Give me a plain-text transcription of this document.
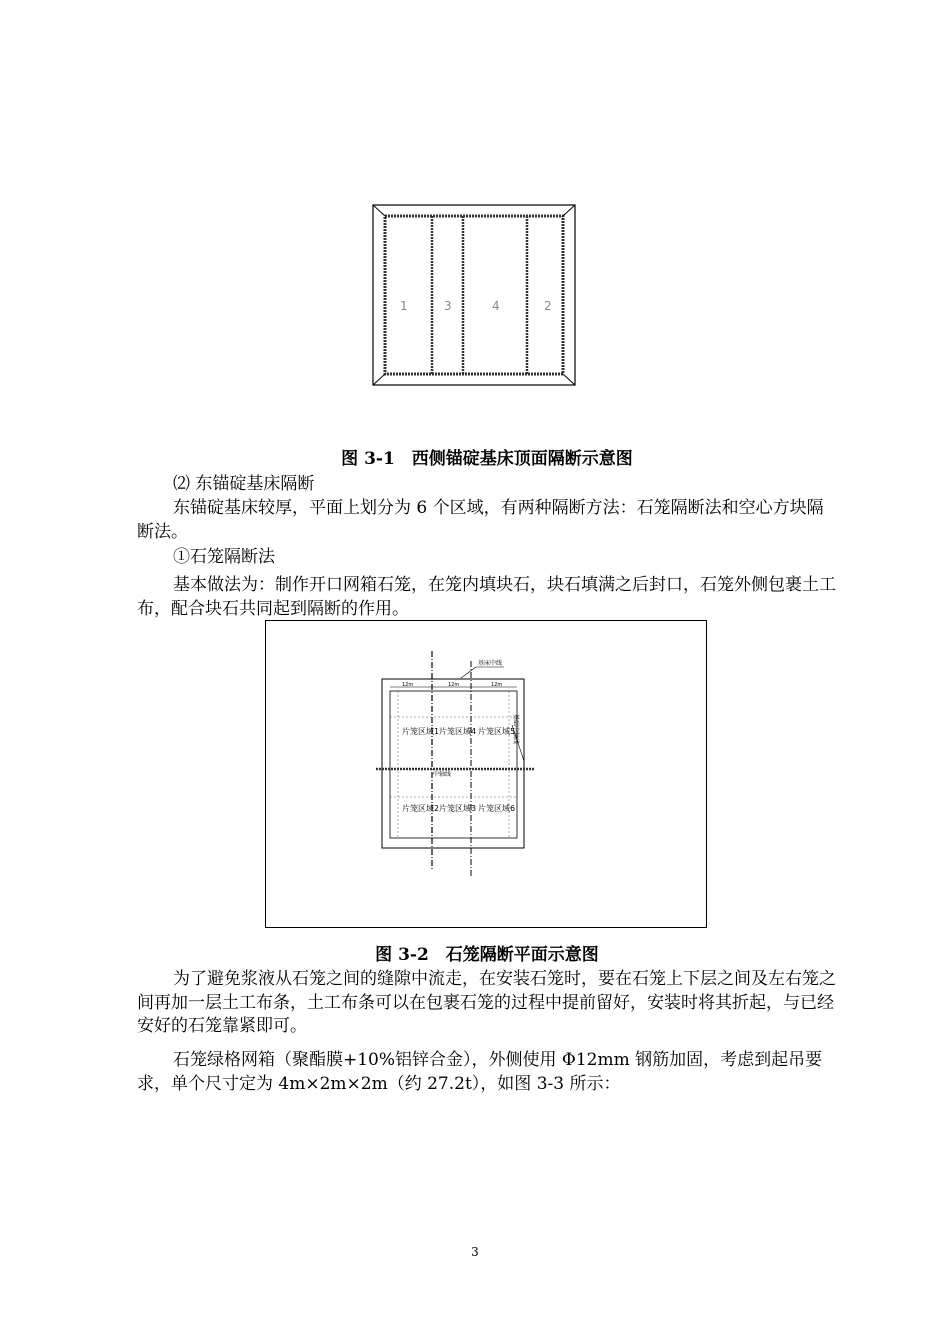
1	3	4	2
图 3-1　西侧锚碇基床顶面隔断示意图

⑵ 东锚碇基床隔断

东锚碇基床较厚，平面上划分为 6 个区域，有两种隔断方法：石笼隔断法和空心方块隔断法。

①石笼隔断法

基本做法为：制作开口网箱石笼，在笼内填块石，块石填满之后封口，石笼外侧包裹土工布，配合块石共同起到隔断的作用。

12m	12m	12m
基床中线
基础中轴线
中轴线
片笼区域1 片笼区域4 片笼区域5
片笼区域2 片笼区域3 片笼区域6
图 3-2　石笼隔断平面示意图

为了避免浆液从石笼之间的缝隙中流走，在安装石笼时，要在石笼上下层之间及左右笼之间再加一层土工布条，土工布条可以在包裹石笼的过程中提前留好，安装时将其折起，与已经安好的石笼靠紧即可。

石笼绿格网箱（聚酯膜+10%铝锌合金），外侧使用 Φ12mm 钢筋加固，考虑到起吊要求，单个尺寸定为 4m×2m×2m（约 27.2t），如图 3-3 所示：

3
